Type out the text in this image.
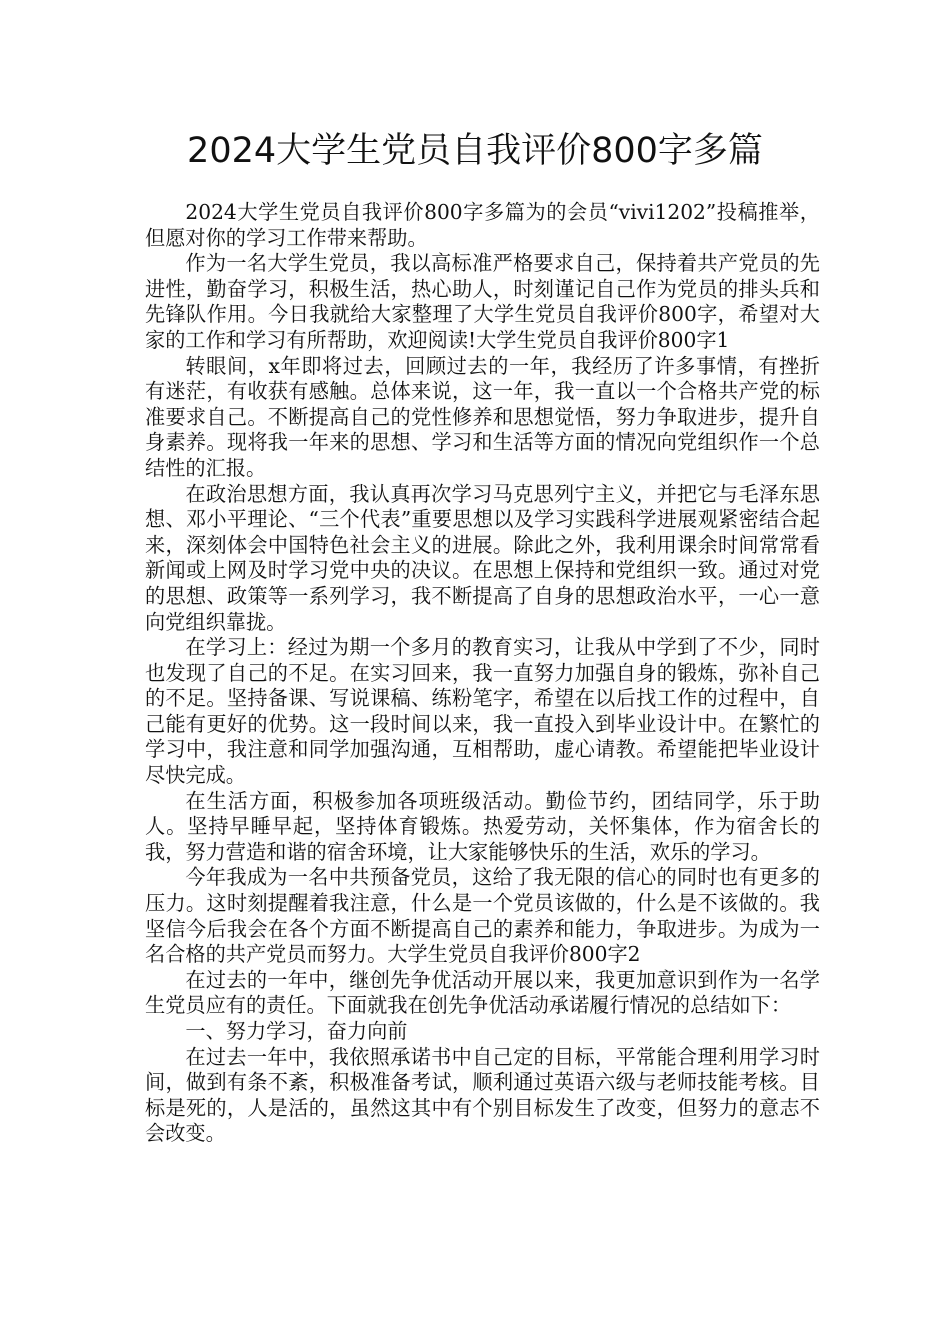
2024大学生党员自我评价800字多篇

2024大学生党员自我评价800字多篇为的会员“vivi1202”投稿推举，但愿对你的学习工作带来帮助。

作为一名大学生党员，我以高标准严格要求自己，保持着共产党员的先进性，勤奋学习，积极生活，热心助人，时刻谨记自己作为党员的排头兵和先锋队作用。今日我就给大家整理了大学生党员自我评价800字，希望对大家的工作和学习有所帮助，欢迎阅读!大学生党员自我评价800字1

转眼间，x年即将过去，回顾过去的一年，我经历了许多事情，有挫折有迷茫，有收获有感触。总体来说，这一年，我一直以一个合格共产党的标准要求自己。不断提高自己的党性修养和思想觉悟，努力争取进步，提升自身素养。现将我一年来的思想、学习和生活等方面的情况向党组织作一个总结性的汇报。

在政治思想方面，我认真再次学习马克思列宁主义，并把它与毛泽东思想、邓小平理论、“三个代表”重要思想以及学习实践科学进展观紧密结合起来，深刻体会中国特色社会主义的进展。除此之外，我利用课余时间常常看新闻或上网及时学习党中央的决议。在思想上保持和党组织一致。通过对党的思想、政策等一系列学习，我不断提高了自身的思想政治水平，一心一意向党组织靠拢。

在学习上：经过为期一个多月的教育实习，让我从中学到了不少，同时也发现了自己的不足。在实习回来，我一直努力加强自身的锻炼，弥补自己的不足。坚持备课、写说课稿、练粉笔字，希望在以后找工作的过程中，自己能有更好的优势。这一段时间以来，我一直投入到毕业设计中。在繁忙的学习中，我注意和同学加强沟通，互相帮助，虚心请教。希望能把毕业设计尽快完成。

在生活方面，积极参加各项班级活动。勤俭节约，团结同学，乐于助人。坚持早睡早起，坚持体育锻炼。热爱劳动，关怀集体，作为宿舍长的我，努力营造和谐的宿舍环境，让大家能够快乐的生活，欢乐的学习。

今年我成为一名中共预备党员，这给了我无限的信心的同时也有更多的压力。这时刻提醒着我注意，什么是一个党员该做的，什么是不该做的。我坚信今后我会在各个方面不断提高自己的素养和能力，争取进步。为成为一名合格的共产党员而努力。大学生党员自我评价800字2

在过去的一年中，继创先争优活动开展以来，我更加意识到作为一名学生党员应有的责任。下面就我在创先争优活动承诺履行情况的总结如下：

一、努力学习，奋力向前

在过去一年中，我依照承诺书中自己定的目标，平常能合理利用学习时间，做到有条不紊，积极准备考试，顺利通过英语六级与老师技能考核。目标是死的，人是活的，虽然这其中有个别目标发生了改变，但努力的意志不会改变。
